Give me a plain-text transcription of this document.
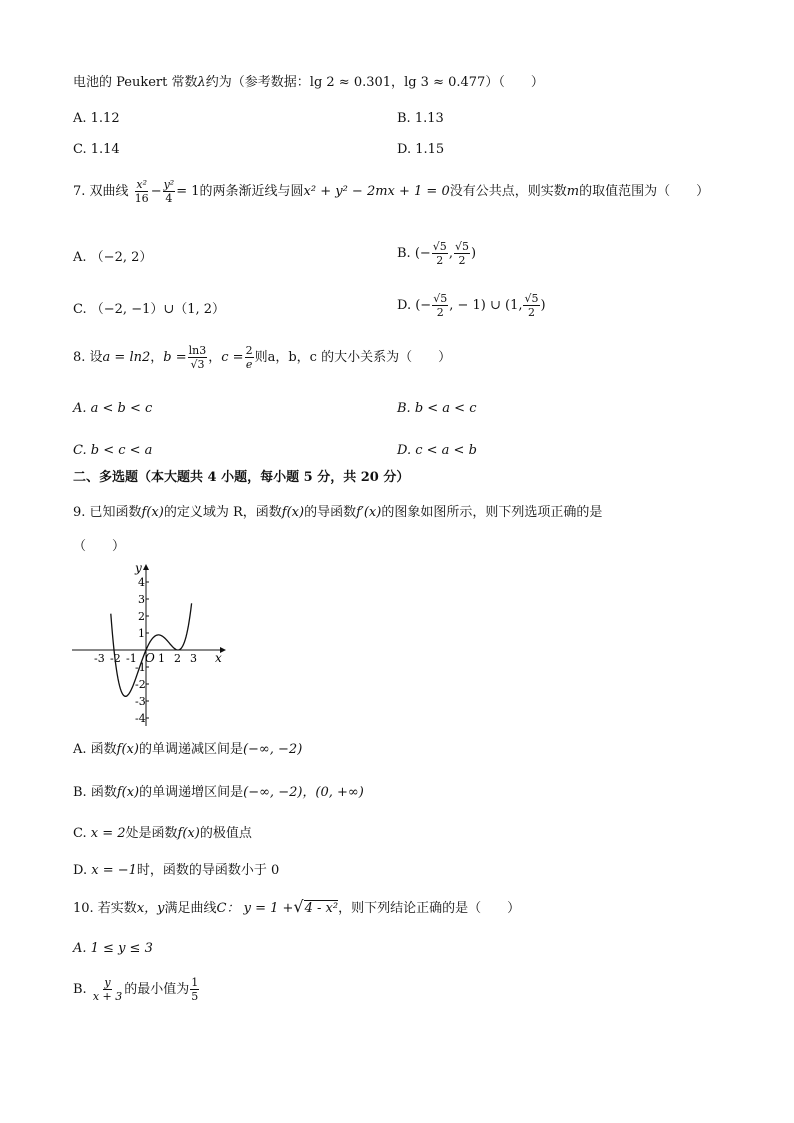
电池的 Peukert 常数λ约为（参考数据：lg 2 ≈ 0.301，lg 3 ≈ 0.477）（　　）
A. 1.12	B. 1.13
C. 1.14	D. 1.15
7. 双曲线 $\frac{\text{x²}}{16} - \frac{\text{y²}}{4} = 1$的两条渐近线与圆x² + y² − 2mx + 1 = 0没有公共点，则实数m的取值范围为（　　）
A. （−2, 2）	B. (− $\frac{√5}{2}$ , $\frac{√5}{2}$ )
C. （−2, −1）∪（1, 2）	D. (− $\frac{√5}{2}$ , − 1) ∪ (1, $\frac{√5}{2}$ )
8. 设a = ln2，$b = \frac{\ln 3}{√3}$ ，$c = \frac{2}{e}$ 则a，b，c 的大小关系为（　　）
A. a < b < c	B. b < a < c
C. b < c < a	D. c < a < b
二、多选题（本大题共 4 小题，每小题 5 分，共 20 分）
9. 已知函数f(x)的定义域为 R，函数f(x)的导函数f′(x)的图象如图所示，则下列选项正确的是
（　　）
y
x
O
-3 -2 -1 1 2 3
4
3
2
1
-1
-2
-3
-4
A. 函数f(x)的单调递减区间是(−∞, −2)
B. 函数f(x)的单调递增区间是(−∞, −2)，(0, +∞)
C. x = 2处是函数f(x)的极值点
D. x = −1时，函数的导函数小于 0
10. 若实数x，y满足曲线C： y = 1 +√4 - x²，则下列结论正确的是（　　）
A. 1 ≤ y ≤ 3
B. $\frac{y}{x + 3}$ 的最小值为 $\frac{1}{5}$
